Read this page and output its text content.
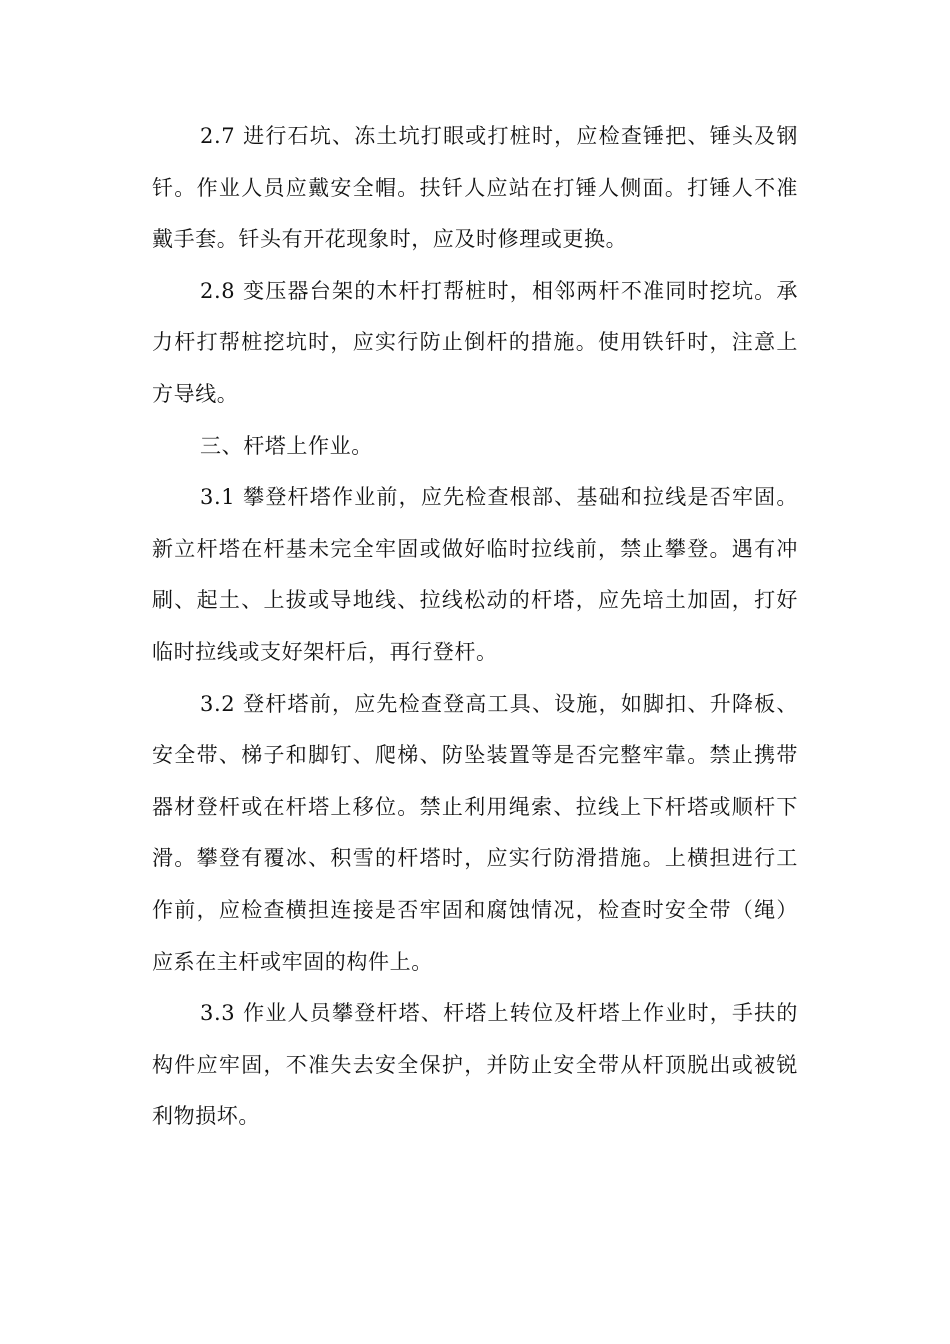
2.7 进行石坑、冻土坑打眼或打桩时，应检查锤把、锤头及钢钎。作业人员应戴安全帽。扶钎人应站在打锤人侧面。打锤人不准戴手套。钎头有开花现象时，应及时修理或更换。

2.8 变压器台架的木杆打帮桩时，相邻两杆不准同时挖坑。承力杆打帮桩挖坑时，应实行防止倒杆的措施。使用铁钎时，注意上方导线。

三、杆塔上作业。

3.1 攀登杆塔作业前，应先检查根部、基础和拉线是否牢固。新立杆塔在杆基未完全牢固或做好临时拉线前，禁止攀登。遇有冲刷、起土、上拔或导地线、拉线松动的杆塔，应先培土加固，打好临时拉线或支好架杆后，再行登杆。

3.2 登杆塔前，应先检查登高工具、设施，如脚扣、升降板、安全带、梯子和脚钉、爬梯、防坠装置等是否完整牢靠。禁止携带器材登杆或在杆塔上移位。禁止利用绳索、拉线上下杆塔或顺杆下滑。攀登有覆冰、积雪的杆塔时，应实行防滑措施。上横担进行工作前，应检查横担连接是否牢固和腐蚀情况，检查时安全带（绳）应系在主杆或牢固的构件上。

3.3 作业人员攀登杆塔、杆塔上转位及杆塔上作业时，手扶的构件应牢固，不准失去安全保护，并防止安全带从杆顶脱出或被锐利物损坏。
